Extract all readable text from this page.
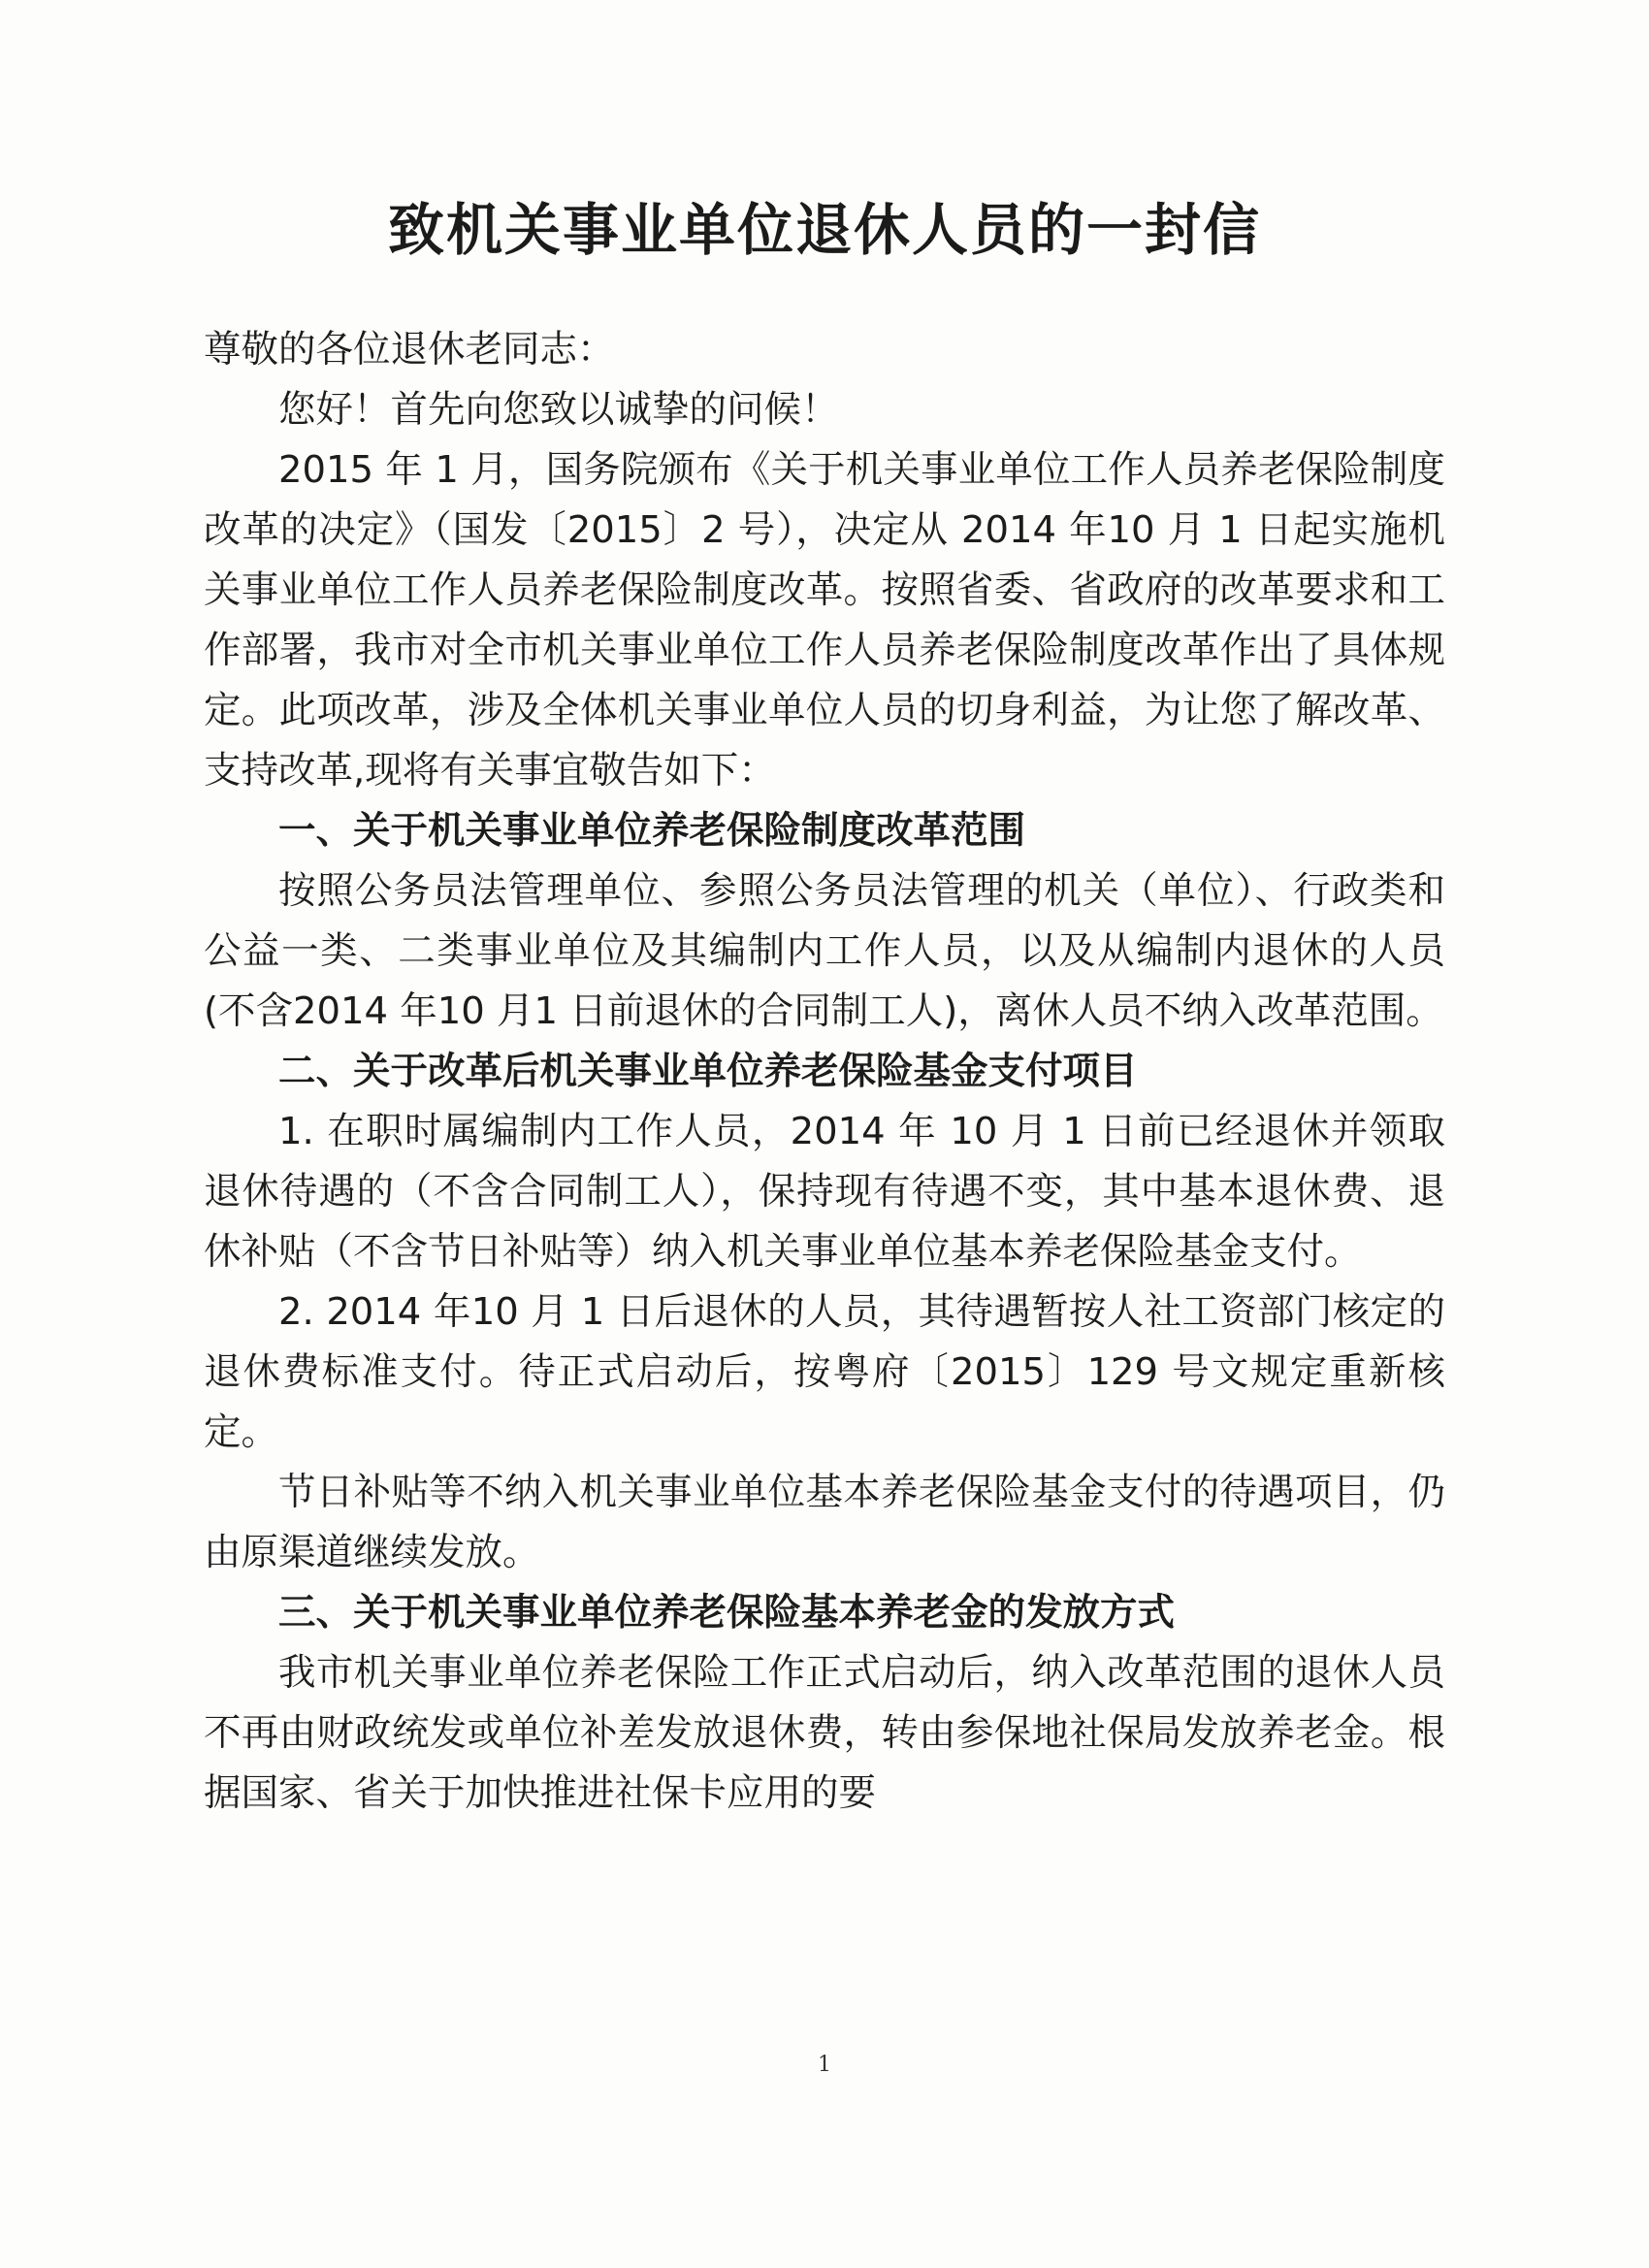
致机关事业单位退休人员的一封信

尊敬的各位退休老同志：

您好！首先向您致以诚挚的问候！

2015 年 1 月，国务院颁布《关于机关事业单位工作人员养老保险制度改革的决定》（国发〔2015〕2 号），决定从 2014 年10 月 1 日起实施机关事业单位工作人员养老保险制度改革。按照省委、省政府的改革要求和工作部署，我市对全市机关事业单位工作人员养老保险制度改革作出了具体规定。此项改革，涉及全体机关事业单位人员的切身利益，为让您了解改革、支持改革,现将有关事宜敬告如下：

一、关于机关事业单位养老保险制度改革范围

按照公务员法管理单位、参照公务员法管理的机关（单位）、行政类和公益一类、二类事业单位及其编制内工作人员，以及从编制内退休的人员(不含2014 年10 月1 日前退休的合同制工人)，离休人员不纳入改革范围。

二、关于改革后机关事业单位养老保险基金支付项目

1. 在职时属编制内工作人员，2014 年 10 月 1 日前已经退休并领取退休待遇的（不含合同制工人），保持现有待遇不变，其中基本退休费、退休补贴（不含节日补贴等）纳入机关事业单位基本养老保险基金支付。

2. 2014 年10 月 1 日后退休的人员，其待遇暂按人社工资部门核定的退休费标准支付。待正式启动后，按粤府〔2015〕129 号文规定重新核定。

节日补贴等不纳入机关事业单位基本养老保险基金支付的待遇项目，仍由原渠道继续发放。

三、关于机关事业单位养老保险基本养老金的发放方式

我市机关事业单位养老保险工作正式启动后，纳入改革范围的退休人员不再由财政统发或单位补差发放退休费，转由参保地社保局发放养老金。根据国家、省关于加快推进社保卡应用的要

1
